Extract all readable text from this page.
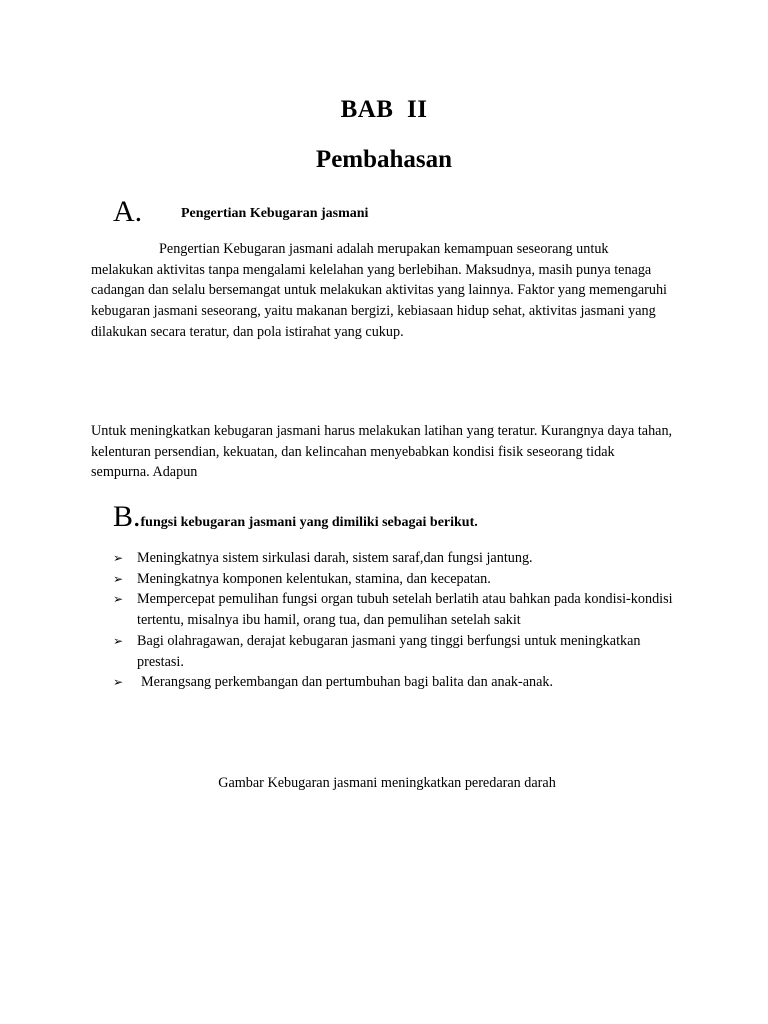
BAB  II
Pembahasan
A.	Pengertian Kebugaran jasmani

Pengertian Kebugaran jasmani adalah merupakan kemampuan seseorang untuk melakukan aktivitas tanpa mengalami kelelahan yang berlebihan. Maksudnya, masih punya tenaga cadangan dan selalu bersemangat untuk melakukan aktivitas yang lainnya. Faktor yang memengaruhi kebugaran jasmani seseorang, yaitu makanan bergizi, kebiasaan hidup sehat, aktivitas jasmani yang dilakukan secara teratur, dan pola istirahat yang cukup.

Untuk meningkatkan kebugaran jasmani harus melakukan latihan yang teratur. Kurangnya daya tahan, kelenturan persendian, kekuatan, dan kelincahan menyebabkan kondisi fisik seseorang tidak sempurna. Adapun

B.fungsi kebugaran jasmani yang dimiliki sebagai berikut.
➢ Meningkatnya sistem sirkulasi darah, sistem saraf,dan fungsi jantung.
➢ Meningkatnya komponen kelentukan, stamina, dan kecepatan.
➢ Mempercepat pemulihan fungsi organ tubuh setelah berlatih atau bahkan pada kondisi-kondisi tertentu, misalnya ibu hamil, orang tua, dan pemulihan setelah sakit
➢ Bagi olahragawan, derajat kebugaran jasmani yang tinggi berfungsi untuk meningkatkan prestasi.
➢ Merangsang perkembangan dan pertumbuhan bagi balita dan anak-anak.

Gambar Kebugaran jasmani meningkatkan peredaran darah
